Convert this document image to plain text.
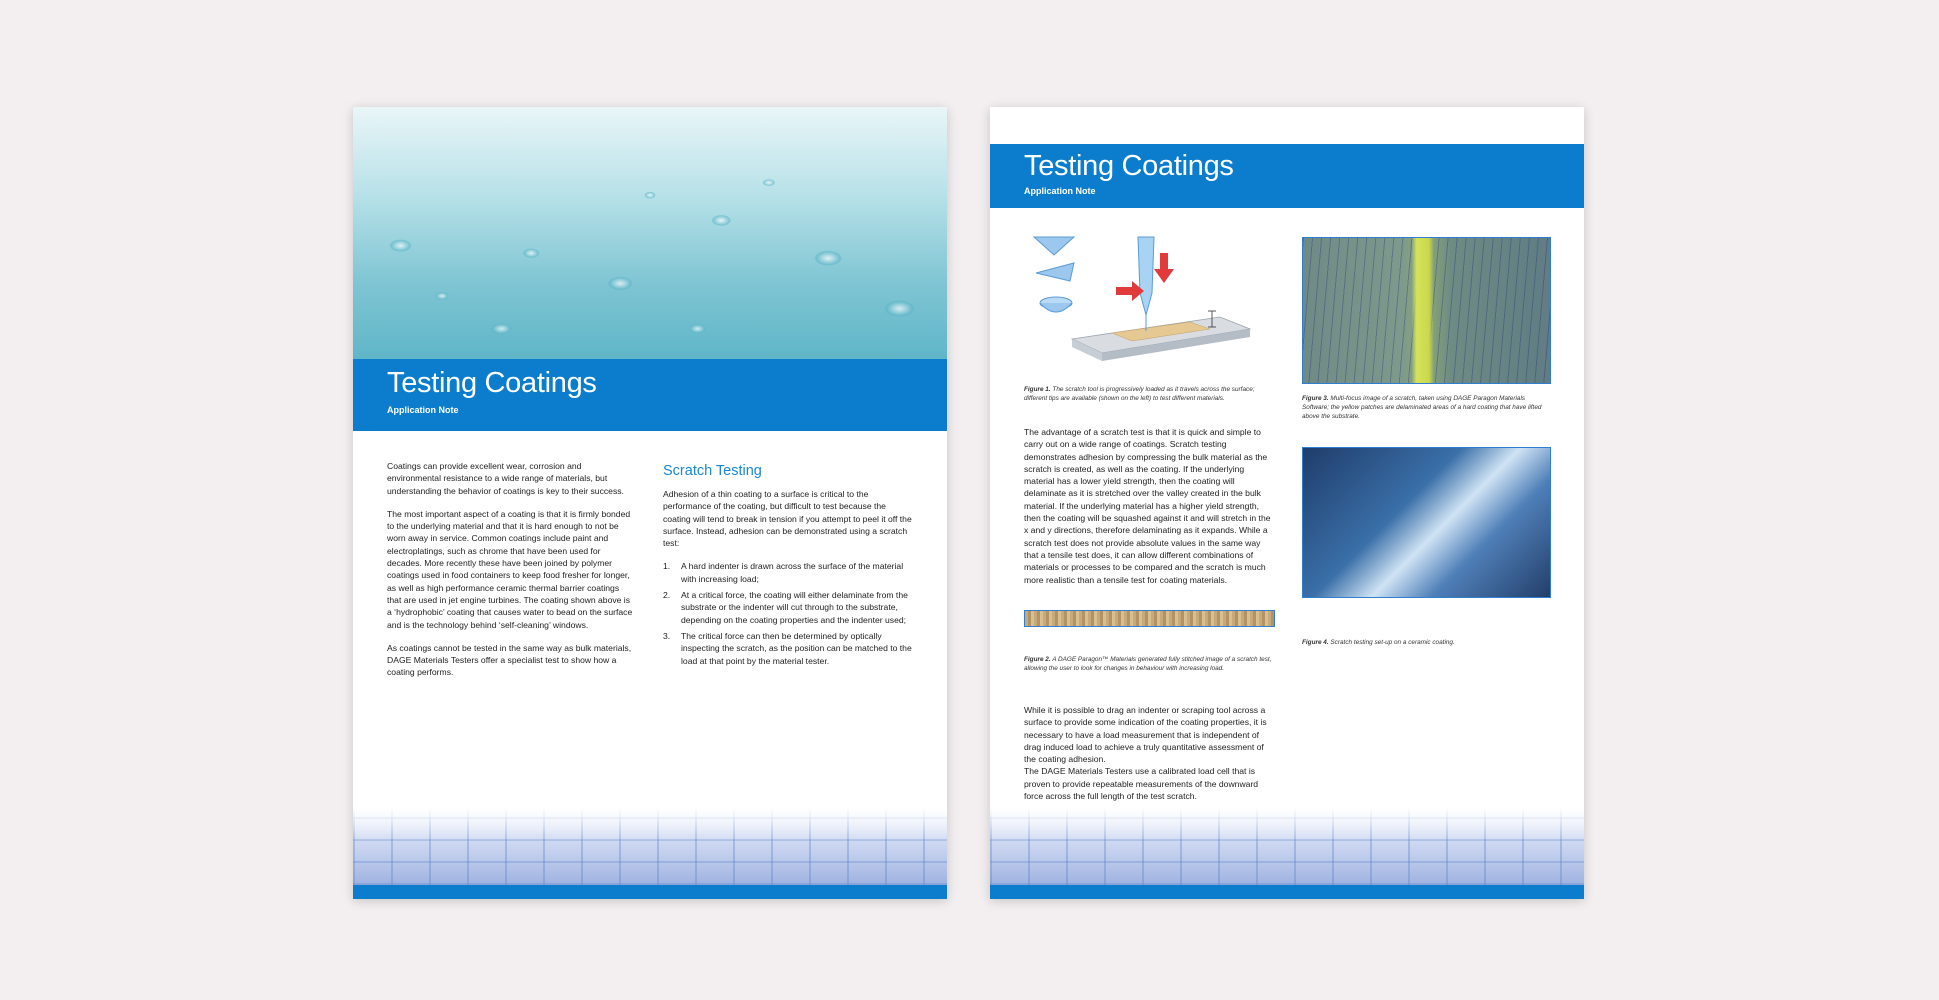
Testing Coatings
Application Note

Coatings can provide excellent wear, corrosion and environmental resistance to a wide range of materials, but understanding the behavior of coatings is key to their success.

The most important aspect of a coating is that it is firmly bonded to the underlying material and that it is hard enough to not be worn away in service. Common coatings include paint and electroplatings, such as chrome that have been used for decades. More recently these have been joined by polymer coatings used in food containers to keep food fresher for longer, as well as high performance ceramic thermal barrier coatings that are used in jet engine turbines. The coating shown above is a ‘hydrophobic’ coating that causes water to bead on the surface and is the technology behind ‘self-cleaning’ windows.

As coatings cannot be tested in the same way as bulk materials, DAGE Materials Testers offer a specialist test to show how a coating performs.

Scratch Testing

Adhesion of a thin coating to a surface is critical to the performance of the coating, but difficult to test because the coating will tend to break in tension if you attempt to peel it off the surface. Instead, adhesion can be demonstrated using a scratch test:

A hard indenter is drawn across the surface of the material with increasing load;
At a critical force, the coating will either delaminate from the substrate or the indenter will cut through to the substrate, depending on the coating properties and the indenter used;
The critical force can then be determined by optically inspecting the scratch, as the position can be matched to the load at that point by the material tester.
Testing Coatings
Application Note
Figure 1. The scratch tool is progressively loaded as it travels across the surface; different tips are available (shown on the left) to test different materials.

The advantage of a scratch test is that it is quick and simple to carry out on a wide range of coatings. Scratch testing demonstrates adhesion by compressing the bulk material as the scratch is created, as well as the coating. If the underlying material has a lower yield strength, then the coating will delaminate as it is stretched over the valley created in the bulk material. If the underlying material has a higher yield strength, then the coating will be squashed against it and will stretch in the x and y directions, therefore delaminating as it expands. While a scratch test does not provide absolute values in the same way that a tensile test does, it can allow different combinations of materials or processes to be compared and the scratch is much more realistic than a tensile test for coating materials.

Figure 2. A DAGE Paragon™ Materials generated fully stitched image of a scratch test, allowing the user to look for changes in behaviour with increasing load.
While it is possible to drag an indenter or scraping tool across a surface to provide some indication of the coating properties, it is necessary to have a load measurement that is independent of drag induced load to achieve a truly quantitative assessment of the coating adhesion.
The DAGE Materials Testers use a calibrated load cell that is proven to provide repeatable measurements of the downward force across the full length of the test scratch.
Figure 3. Multi-focus image of a scratch, taken using DAGE Paragon Materials Software; the yellow patches are delaminated areas of a hard coating that have lifted above the substrate.
Figure 4. Scratch testing set-up on a ceramic coating.
